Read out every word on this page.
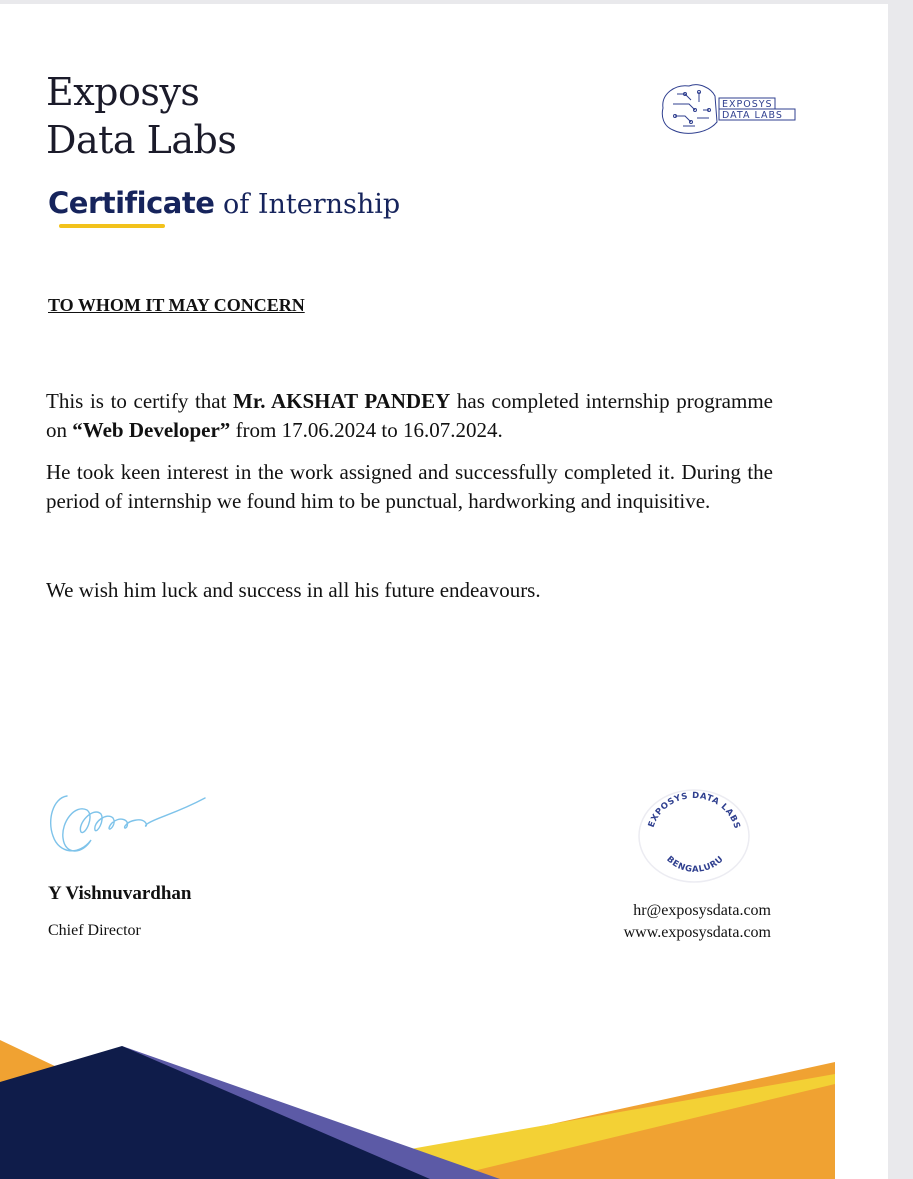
Exposys
Data Labs
Certificate of Internship
EXPOSYS
DATA LABS
TO WHOM IT MAY CONCERN
This is to certify that Mr. AKSHAT PANDEY has completed internship programme on “Web Developer” from 17.06.2024 to 16.07.2024.
He took keen interest in the work assigned and successfully completed it. During the period of internship we found him to be punctual, hardworking and inquisitive.
We wish him luck and success in all his future endeavours.
Y Vishnuvardhan
Chief Director
EXPOSYS DATA LABS
BENGALURU
hr@exposysdata.com
www.exposysdata.com
